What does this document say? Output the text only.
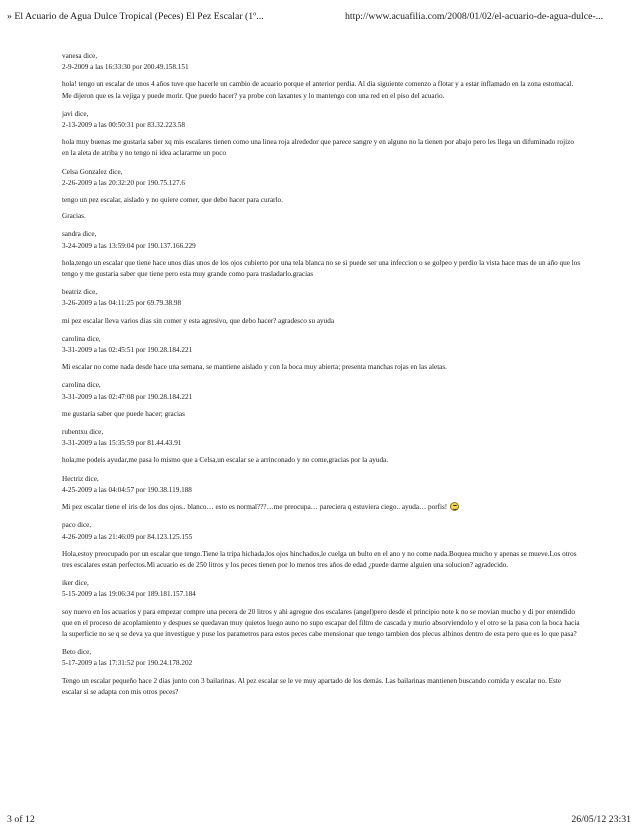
» El Acuario de Agua Dulce Tropical (Peces) El Pez Escalar (1º...	http://www.acuafilia.com/2008/01/02/el-acuario-de-agua-dulce-...
vanesa dice,
2-9-2009 a las 16:33:30 por 200.49.158.151

hola! tengo un escalar de unos 4 años tuve que hacerle un cambio de acuario porque el anterior perdia. Al dia siguiente comenzo a flotar y a estar inflamado en la zona estomacal. Me dijeron que es la vejiga y puede morir. Que puedo hacer? ya probe con laxantes y lo mantengo con una red en el piso del acuario.

javi dice,
2-13-2009 a las 00:50:31 por 83.32.223.58

hola muy buenas me gustaria saber xq mis escalares tienen como una linea roja alrededor que parece sangre y en alguno no la tienen por abajo pero les llega un difuminado rojizo en la aleta de atriba y no tengo ni idea aclararme un poco

Celsa Gonzalez dice,
2-26-2009 a las 20:32:20 por 190.75.127.6

tengo un pez escalar, aislado y no quiere comer, que debo hacer para curarlo.

Gracias.

sandra dice,
3-24-2009 a las 13:59:04 por 190.137.166.229

hola,tengo un escalar que tiene hace unos dias unos de los ojos cubierto por una tela blanca no se si puede ser una infeccion o se golpeo y perdio la vista hace mas de un año que los tengo y me gustaria saber que tiene pero esta muy grande como para trasladarlo.gracias

beatriz dice,
3-26-2009 a las 04:11:25 por 69.79.38.98

mi pez escalar lleva varios dias sin comer y esta agresivo, que debo hacer? agradesco su ayuda

carolina dice,
3-31-2009 a las 02:45:51 por 190.28.184.221

Mi escalar no come nada desde hace una semana, se mantiene aislado y con la boca muy abierta; presenta manchas rojas en las aletas.

carolina dice,
3-31-2009 a las 02:47:08 por 190.28.184.221

me gustaría saber que puede hacer; gracias

rubentxu dice,
3-31-2009 a las 15:35:59 por 81.44.43.91

hola,me podeis ayudar,me pasa lo mismo que a Celsa,un escalar se a arrinconado y no come,gracias por la ayuda.

Hectriz dice,
4-25-2009 a las 04:04:57 por 190.38.119.188

Mi pez escalar tiene el iris de los dos ojos.. blanco… esto es normal???…me preocupa… pareciera q estuviera ciego.. ayuda… porfis!

paco dice,
4-26-2009 a las 21:46:09 por 84.123.125.155

Hola,estoy preocupado por un escalar que tengo.Tiene la tripa hichada,los ojos hinchados,le cuelga un bulto en el ano y no come nada.Boquea mucho y apenas se mueve.Los otros tres escalares estan perfectos.Mi acuario es de 250 litros y los peces tienen por lo menos tres años de edad ¿puede darme alguien una solucion? agradecido.

iker dice,
5-15-2009 a las 19:06:34 por 189.181.157.184

soy nuevo en los acuarios y para empezar compre una pecera de 20 litros y ahi agregue dos escalares (angel)pero desde el principio note k no se movian mucho y di por entendido que en el proceso de acoplamiento y despues se quedavan muy quietos luego auno no supo escapar del filtro de cascada y murio absorviendolo y el otro se la pasa con la boca hacia la superficie no se q se deva ya que investigue y puse los parametros para estos peces cabe mensionar que tengo tambien dos plecus albinos dentro de esta pero que es lo que pasa?

Beto dice,
5-17-2009 a las 17:31:52 por 190.24.178.202

Tengo un escalar pequeño hace 2 días junto con 3 bailarinas. Al pez escalar se le ve muy apartado de los demás. Las bailarinas mantienen buscando comida y escalar no. Este escalar si se adapta con mis otros peces?

3 of 12	26/05/12 23:31
